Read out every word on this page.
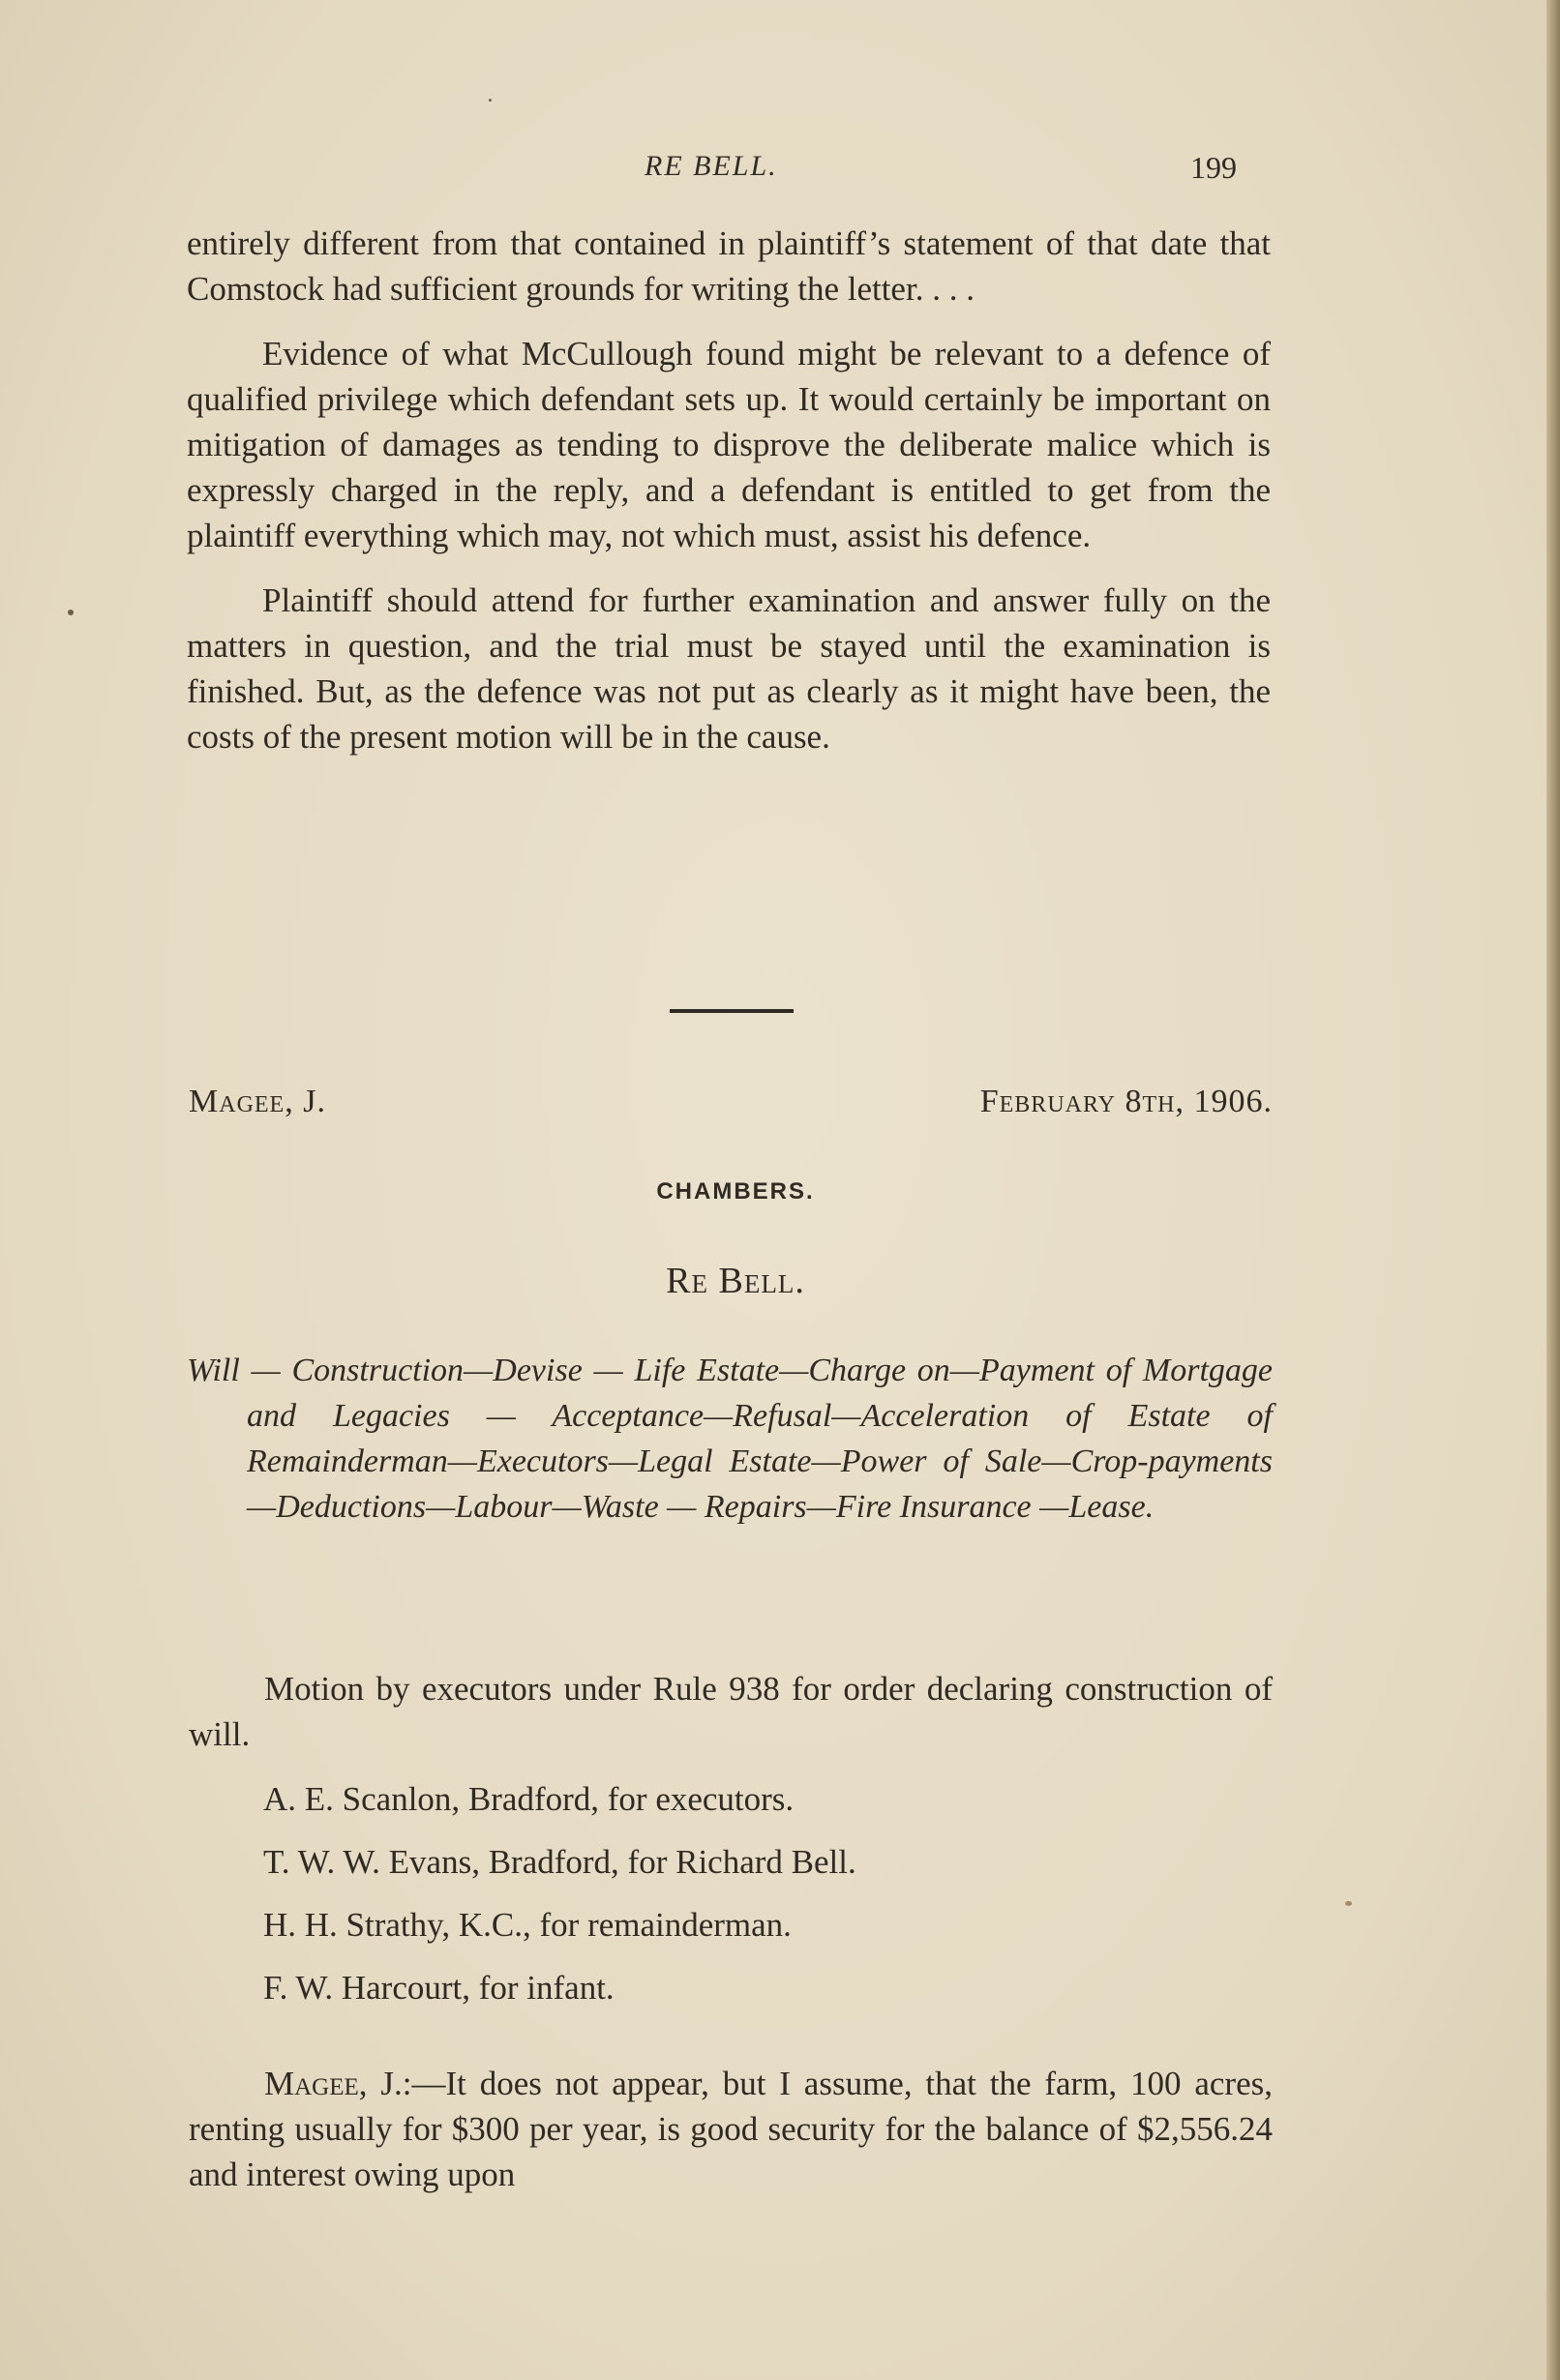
RE BELL.	199

entirely different from that contained in plaintiff’s statement of that date that Comstock had sufficient grounds for writing the letter. . . .

Evidence of what McCullough found might be relevant to a defence of qualified privilege which defendant sets up. It would certainly be important on mitigation of damages as tending to disprove the deliberate malice which is expressly charged in the reply, and a defendant is entitled to get from the plaintiff everything which may, not which must, assist his defence.

Plaintiff should attend for further examination and answer fully on the matters in question, and the trial must be stayed until the examination is finished. But, as the defence was not put as clearly as it might have been, the costs of the present motion will be in the cause.

Magee, J.	February 8th, 1906.
CHAMBERS.
Re Bell.
Will — Construction—Devise — Life Estate—Charge on—Payment of Mortgage and Legacies — Acceptance—Refusal—Acceleration of Estate of Remainderman—Executors—Legal Estate—Power of Sale—Crop-payments—Deductions—Labour—Waste — Repairs—Fire Insurance —Lease.
Motion by executors under Rule 938 for order declaring construction of will.
A. E. Scanlon, Bradford, for executors.
T. W. W. Evans, Bradford, for Richard Bell.
H. H. Strathy, K.C., for remainderman.
F. W. Harcourt, for infant.
Magee, J.:—It does not appear, but I assume, that the farm, 100 acres, renting usually for $300 per year, is good security for the balance of $2,556.24 and interest owing upon
